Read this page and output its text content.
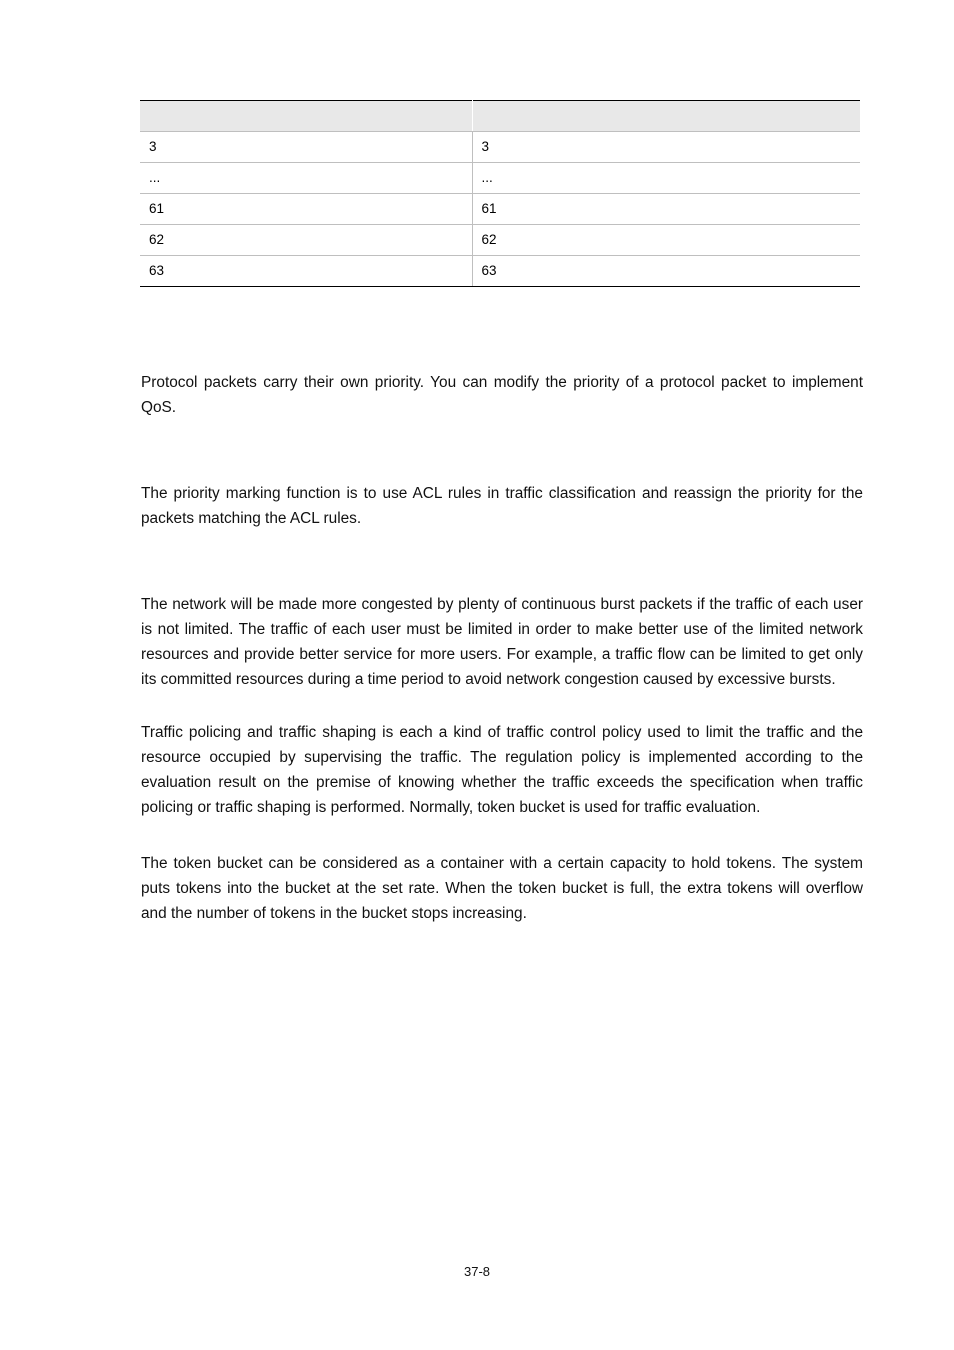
3	3
...	...
61	61
62	62
63	63

Protocol packets carry their own priority. You can modify the priority of a protocol packet to implement QoS.

The priority marking function is to use ACL rules in traffic classification and reassign the priority for the packets matching the ACL rules.

The network will be made more congested by plenty of continuous burst packets if the traffic of each user is not limited. The traffic of each user must be limited in order to make better use of the limited network resources and provide better service for more users. For example, a traffic flow can be limited to get only its committed resources during a time period to avoid network congestion caused by excessive bursts.

Traffic policing and traffic shaping is each a kind of traffic control policy used to limit the traffic and the resource occupied by supervising the traffic. The regulation policy is implemented according to the evaluation result on the premise of knowing whether the traffic exceeds the specification when traffic policing or traffic shaping is performed. Normally, token bucket is used for traffic evaluation.

The token bucket can be considered as a container with a certain capacity to hold tokens. The system puts tokens into the bucket at the set rate. When the token bucket is full, the extra tokens will overflow and the number of tokens in the bucket stops increasing.

37-8
